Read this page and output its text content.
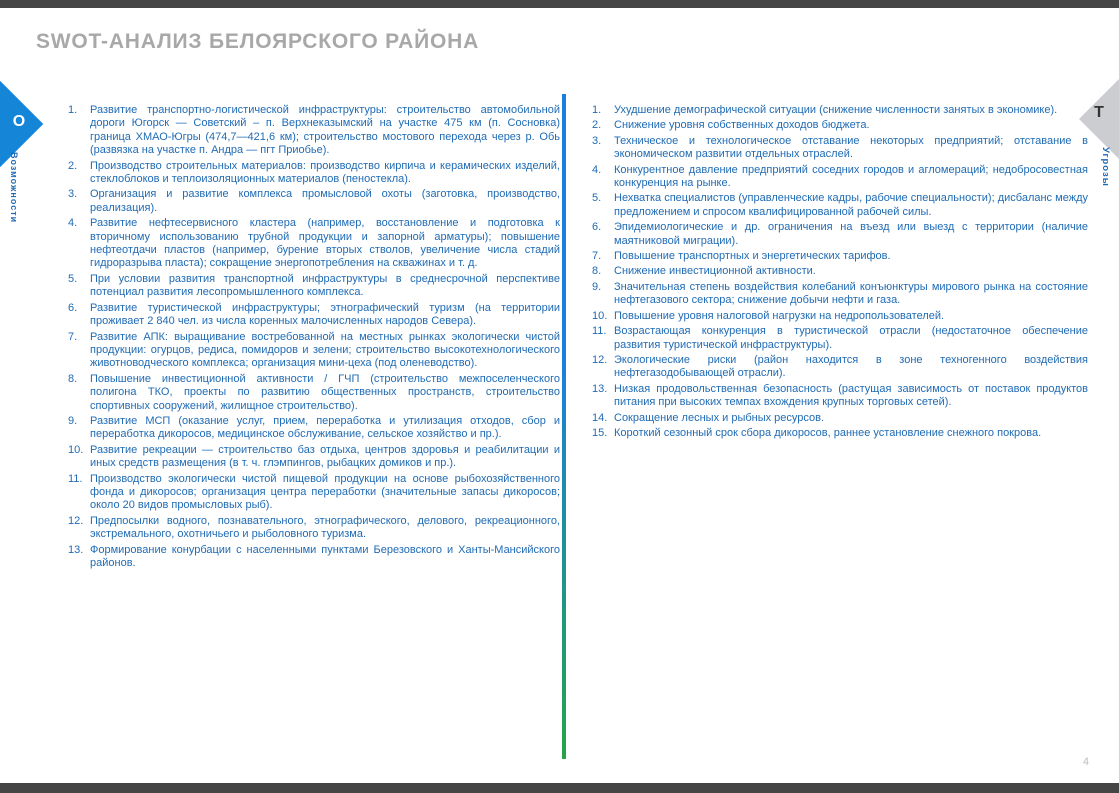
SWOT-АНАЛИЗ БЕЛОЯРСКОГО РАЙОНА
O
Возможности
T
Угрозы
Развитие транспортно-логистической инфраструктуры: строительство автомобильной дороги Югорск — Советский – п. Верхнеказымский на участке 475 км (п. Сосновка) граница ХМАО-Югры (474,7—421,6 км); строительство мостового перехода через р. Обь (развязка на участке п. Андра — пгт Приобье).
Производство строительных материалов: производство кирпича и керамических изделий, стеклоблоков и теплоизоляционных материалов (пеностекла).
Организация и развитие комплекса промысловой охоты (заготовка, производство, реализация).
Развитие нефтесервисного кластера (например, восстановление и подготовка к вторичному использованию трубной продукции и запорной арматуры); повышение нефтеотдачи пластов (например, бурение вторых стволов, увеличение числа стадий гидроразрыва пласта); сокращение энергопотребления на скважинах и т. д.
При условии развития транспортной инфраструктуры в среднесрочной перспективе потенциал развития лесопромышленного комплекса.
Развитие туристической инфраструктуры; этнографический туризм (на территории проживает 2 840 чел. из числа коренных малочисленных народов Севера).
Развитие АПК: выращивание востребованной на местных рынках экологически чистой продукции: огурцов, редиса, помидоров и зелени; строительство высокотехнологического животноводческого комплекса; организация мини-цеха (под оленеводство).
Повышение инвестиционной активности / ГЧП (строительство межпоселенческого полигона ТКО, проекты по развитию общественных пространств, строительство спортивных сооружений, жилищное строительство).
Развитие МСП (оказание услуг, прием, переработка и утилизация отходов, сбор и переработка дикоросов, медицинское обслуживание, сельское хозяйство и пр.).
Развитие рекреации — строительство баз отдыха, центров здоровья и реабилитации и иных средств размещения (в т. ч. глэмпингов, рыбацких домиков и пр.).
Производство экологически чистой пищевой продукции на основе рыбохозяйственного фонда и дикоросов; организация центра переработки (значительные запасы дикоросов; около 20 видов промысловых рыб).
Предпосылки водного, познавательного, этнографического, делового, рекреационного, экстремального, охотничьего и рыболовного туризма.
Формирование конурбации с населенными пунктами Березовского и Ханты-Мансийского районов.
Ухудшение демографической ситуации (снижение численности занятых в экономике).
Снижение уровня собственных доходов бюджета.
Техническое и технологическое отставание некоторых предприятий; отставание в экономическом развитии отдельных отраслей.
Конкурентное давление предприятий соседних городов и агломераций; недобросовестная конкуренция на рынке.
Нехватка специалистов (управленческие кадры, рабочие специальности); дисбаланс между предложением и спросом квалифицированной рабочей силы.
Эпидемиологические и др. ограничения на въезд или выезд с территории (наличие маятниковой миграции).
Повышение транспортных и энергетических тарифов.
Снижение инвестиционной активности.
Значительная степень воздействия колебаний конъюнктуры мирового рынка на состояние нефтегазового сектора; снижение добычи нефти и газа.
Повышение уровня налоговой нагрузки на недропользователей.
Возрастающая конкуренция в туристической отрасли (недостаточное обеспечение развития туристической инфраструктуры).
Экологические риски (район находится в зоне техногенного воздействия нефтегазодобывающей отрасли).
Низкая продовольственная безопасность (растущая зависимость от поставок продуктов питания при высоких темпах вхождения крупных торговых сетей).
Сокращение лесных и рыбных ресурсов.
Короткий сезонный срок сбора дикоросов, раннее установление снежного покрова.
4
